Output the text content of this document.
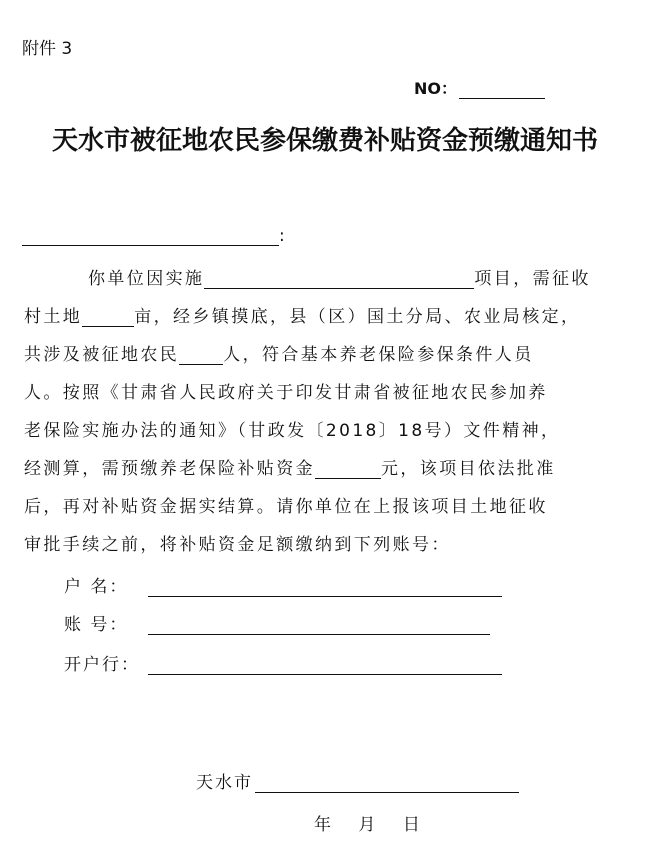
附件 3
NO：
天水市被征地农民参保缴费补贴资金预缴通知书
:
你单位因实施	项目，需征收
村土地	亩，经乡镇摸底，县（区）国土分局、农业局核定，
共涉及被征地农民	人，符合基本养老保险参保条件人员
人。按照《甘肃省人民政府关于印发甘肃省被征地农民参加养
老保险实施办法的通知》（甘政发〔2018〕18号）文件精神，
经测算，需预缴养老保险补贴资金	元，该项目依法批准
后，再对补贴资金据实结算。请你单位在上报该项目土地征收
审批手续之前，将补贴资金足额缴纳到下列账号：
户 名：
账 号：
开户行：
天水市
年 月 日
